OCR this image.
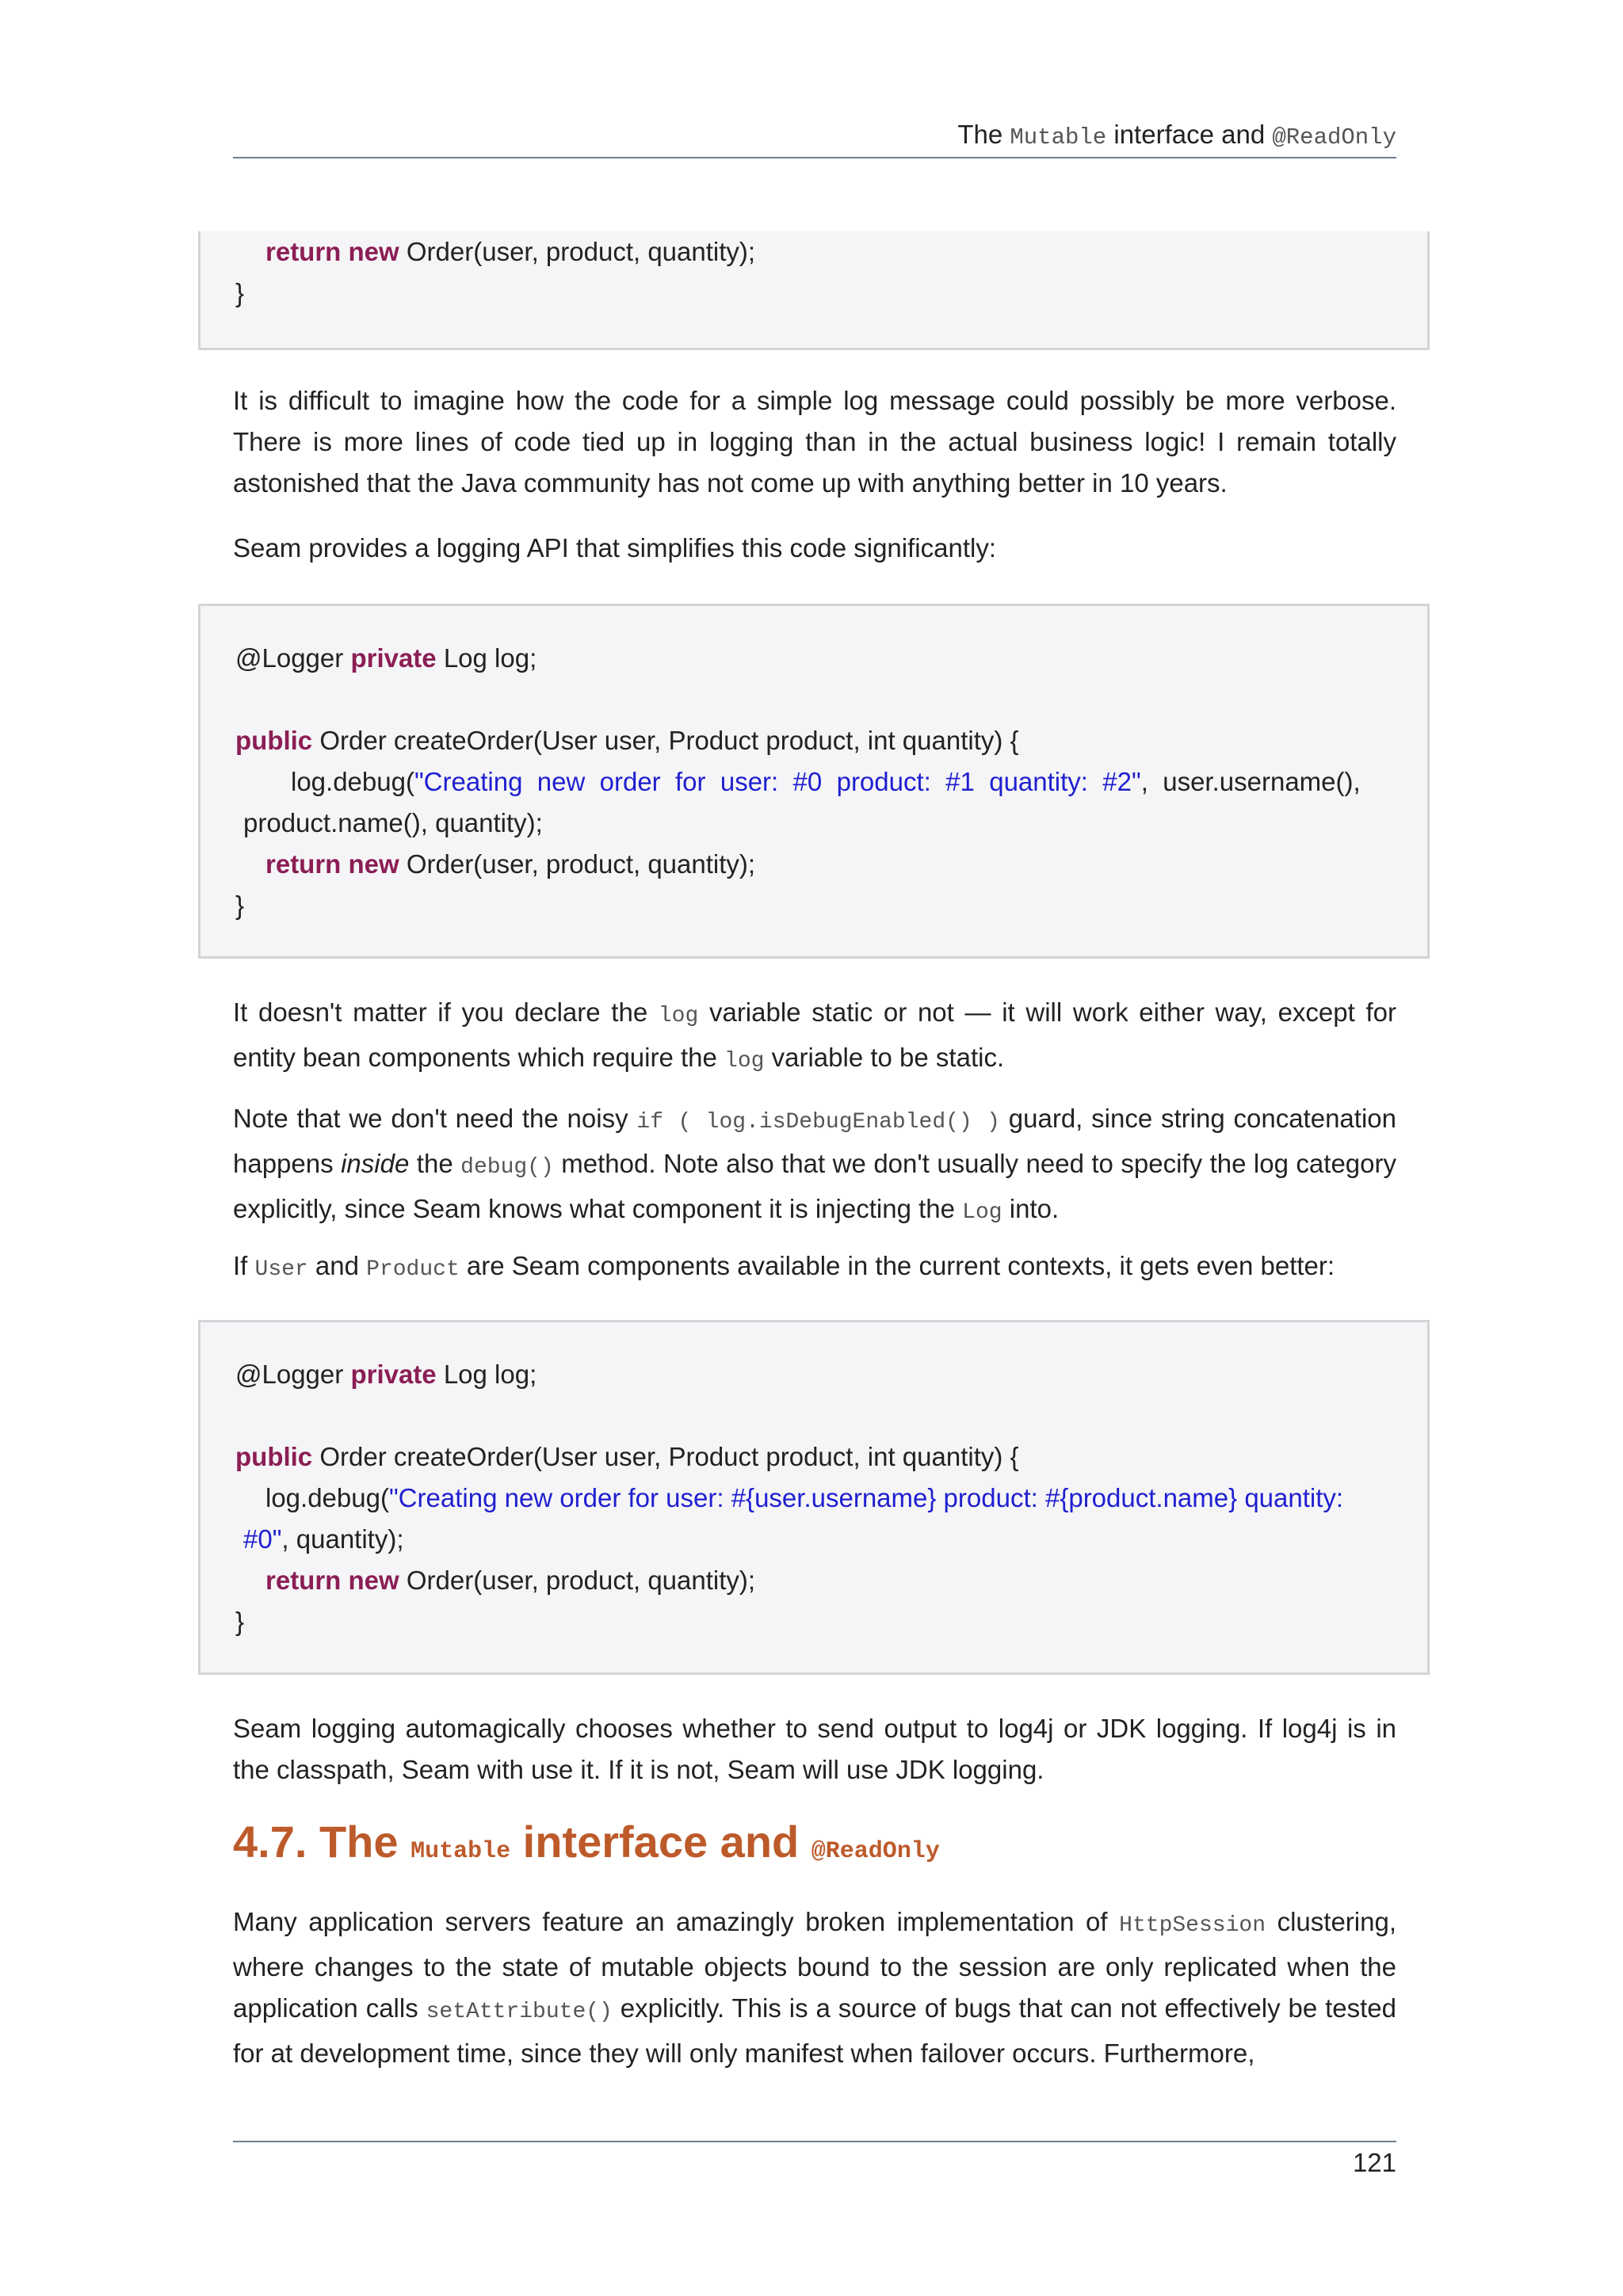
The Mutable interface and @ReadOnly
return new Order(user, product, quantity);
}

It is difficult to imagine how the code for a simple log message could possibly be more verbose. There is more lines of code tied up in logging than in the actual business logic! I remain totally astonished that the Java community has not come up with anything better in 10 years.

Seam provides a logging API that simplifies this code significantly:

@Logger private Log log;

public Order createOrder(User user, Product product, int quantity) {
log.debug("Creating  new  order  for  user:  #0  product:  #1  quantity:  #2",  user.username(),
product.name(), quantity);
return new Order(user, product, quantity);
}

It doesn't matter if you declare the log variable static or not — it will work either way, except for entity bean components which require the log variable to be static.

Note that we don't need the noisy if ( log.isDebugEnabled() ) guard, since string concatenation happens inside the debug() method. Note also that we don't usually need to specify the log category explicitly, since Seam knows what component it is injecting the Log into.

If User and Product are Seam components available in the current contexts, it gets even better:

@Logger private Log log;

public Order createOrder(User user, Product product, int quantity) {
log.debug("Creating new order for user: #{user.username} product: #{product.name} quantity:
#0", quantity);
return new Order(user, product, quantity);
}

Seam logging automagically chooses whether to send output to log4j or JDK logging. If log4j is in the classpath, Seam with use it. If it is not, Seam will use JDK logging.

4.7. The Mutable interface and @ReadOnly

Many application servers feature an amazingly broken implementation of HttpSession clustering, where changes to the state of mutable objects bound to the session are only replicated when the application calls setAttribute() explicitly. This is a source of bugs that can not effectively be tested for at development time, since they will only manifest when failover occurs. Furthermore,

121
